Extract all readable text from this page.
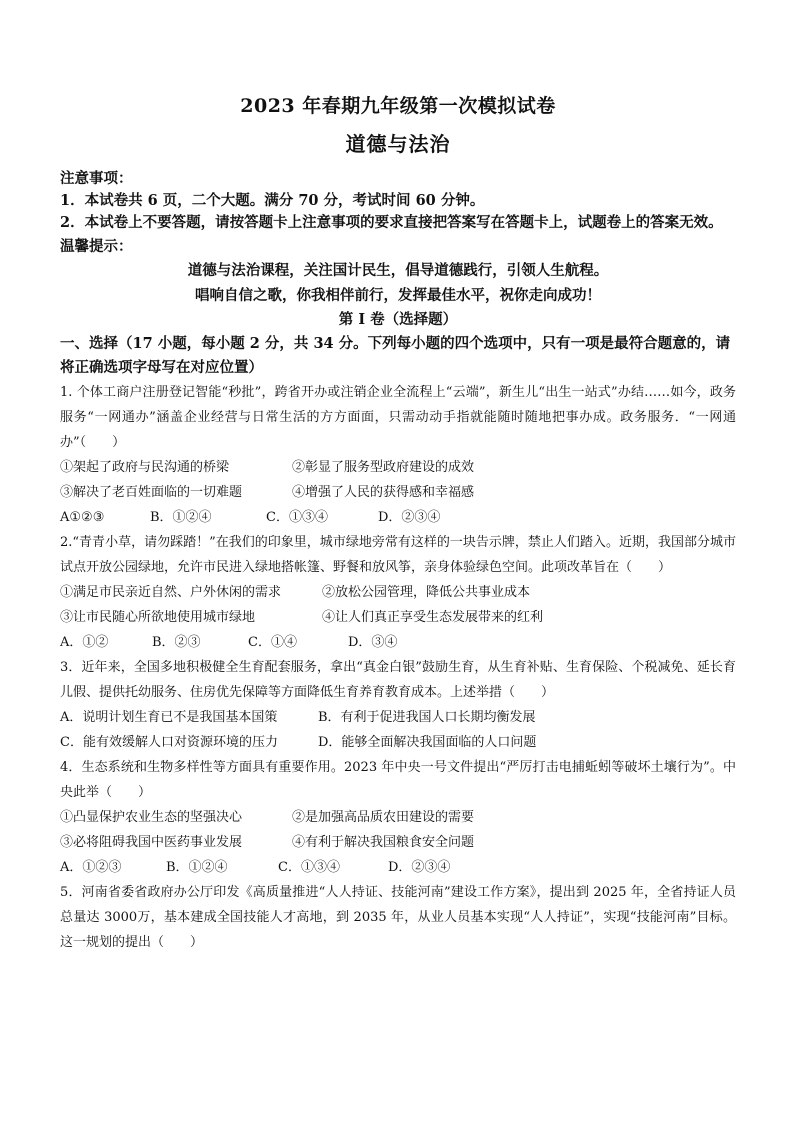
2023 年春期九年级第一次模拟试卷
道德与法治
注意事项：
1．本试卷共 6 页，二个大题。满分 70 分，考试时间 60 分钟。
2．本试卷上不要答题，请按答题卡上注意事项的要求直接把答案写在答题卡上，试题卷上的答案无效。
温馨提示：
道德与法治课程，关注国计民生，倡导道德践行，引领人生航程。
唱响自信之歌，你我相伴前行，发挥最佳水平，祝你走向成功！
第 I 卷（选择题）
一、选择（17 小题，每小题 2 分，共 34 分。下列每小题的四个选项中，只有一项是最符合题意的，请将正确选项字母写在对应位置）
1. 个体工商户注册登记智能“秒批”，跨省开办或注销企业全流程上“云端”，新生儿“出生一站式”办结……如今，政务服务“一网通办”涵盖企业经营与日常生活的方方面面，只需动动手指就能随时随地把事办成。政务服务．“一网通办”（　　）
①架起了政府与民沟通的桥梁	②彰显了服务型政府建设的成效
③解决了老百姓面临的一切难题	④增强了人民的获得感和幸福感
A①②③	B．①②④	C．①③④	D．②③④
2.“青青小草，请勿踩踏！”在我们的印象里，城市绿地旁常有这样的一块告示牌，禁止人们踏入。近期，我国部分城市试点开放公园绿地，允许市民进入绿地搭帐篷、野餐和放风筝，亲身体验绿色空间。此项改革旨在（　　）
①满足市民亲近自然、户外休闲的需求	②放松公园管理，降低公共事业成本
③让市民随心所欲地使用城市绿地	④让人们真正享受生态发展带来的红利
A．①②	B．②③	C．①④	D．③④
3．近年来，全国多地积极健全生育配套服务，拿出“真金白银”鼓励生育，从生育补贴、生育保险、个税减免、延长育儿假、提供托幼服务、住房优先保障等方面降低生育养育教育成本。上述举措（　　）
A．说明计划生育已不是我国基本国策	B．有利于促进我国人口长期均衡发展
C．能有效缓解人口对资源环境的压力	D．能够全面解决我国面临的人口问题
4．生态系统和生物多样性等方面具有重要作用。2023 年中央一号文件提出“严厉打击电捕蚯蚓等破坏土壤行为”。中央此举（　　）
①凸显保护农业生态的坚强决心	②是加强高品质农田建设的需要
③必将阻碍我国中医药事业发展	④有利于解决我国粮食安全问题
A．①②③	B．①②④	C．①③④	D．②③④
5．河南省委省政府办公厅印发《高质量推进“人人持证、技能河南”建设工作方案》，提出到 2025 年，全省持证人员总量达 3000万，基本建成全国技能人才高地，到 2035 年，从业人员基本实现“人人持证”，实现“技能河南”目标。这一规划的提出（　　）
